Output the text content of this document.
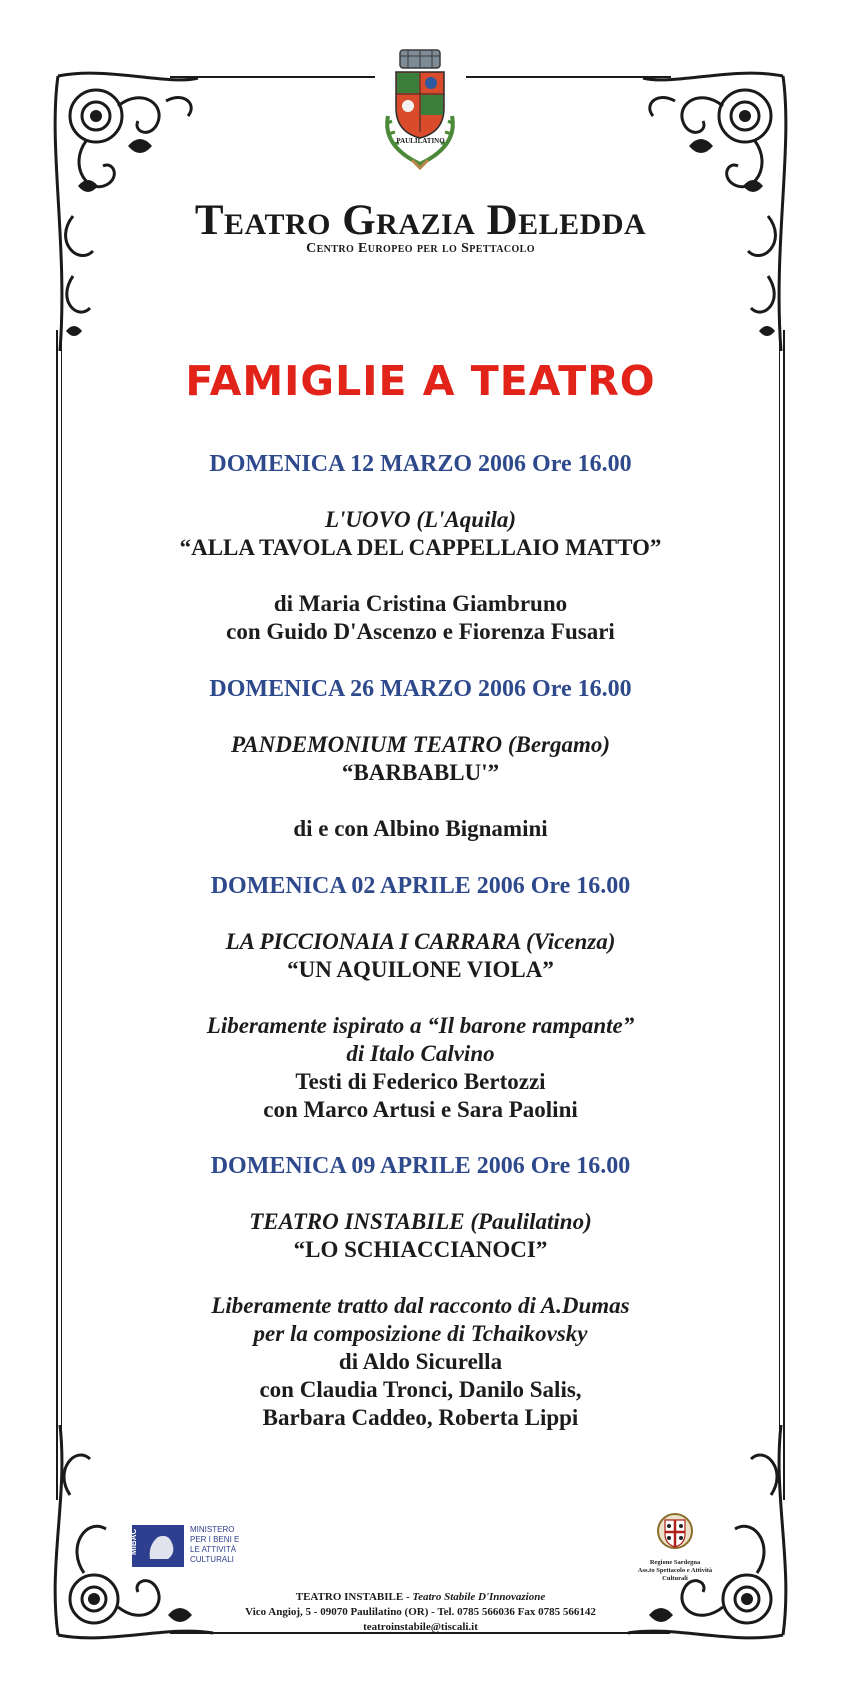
PAULILATINO
Teatro Grazia Deledda
Centro Europeo per lo Spettacolo
FAMIGLIE A TEATRO
DOMENICA 12 MARZO 2006 Ore 16.00
L'UOVO (L'Aquila)
“ALLA TAVOLA DEL CAPPELLAIO MATTO”
di Maria Cristina Giambruno
con Guido D'Ascenzo e Fiorenza Fusari
DOMENICA 26 MARZO 2006 Ore 16.00
PANDEMONIUM TEATRO (Bergamo)
“BARBABLU'”
di e con Albino Bignamini
DOMENICA 02 APRILE 2006 Ore 16.00
LA PICCIONAIA I CARRARA (Vicenza)
“UN AQUILONE VIOLA”
Liberamente ispirato a “Il barone rampante”
di Italo Calvino
Testi di Federico Bertozzi
con Marco Artusi e Sara Paolini
DOMENICA 09 APRILE 2006 Ore 16.00
TEATRO INSTABILE (Paulilatino)
“LO SCHIACCIANOCI”
Liberamente tratto dal racconto di A.Dumas
per la composizione di Tchaikovsky
di Aldo Sicurella
con Claudia Tronci, Danilo Salis,
Barbara Caddeo, Roberta Lippi
MiBAC	MINISTERO
PER I BENI E
LE ATTIVITÀ
CULTURALI	Regione Sardegna
Ass.to Spettacolo e Attività Culturali
TEATRO INSTABILE - Teatro Stabile D'Innovazione
Vico Angioj, 5 - 09070 Paulilatino (OR) - Tel. 0785 566036 Fax 0785 566142
teatroinstabile@tiscali.it
